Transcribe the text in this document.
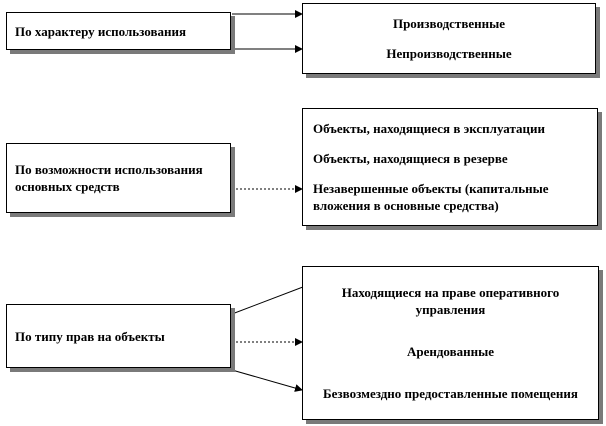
По характеру использования
Производственные
Непроизводственные
По возможности использования основных средств
Объекты, находящиеся в эксплуатации
Объекты, находящиеся в резерве
Незавершенные объекты (капитальные вложения в основные средства)
По типу прав на объекты
Находящиеся на праве оперативного управления
Арендованные
Безвозмездно предоставленные помещения
